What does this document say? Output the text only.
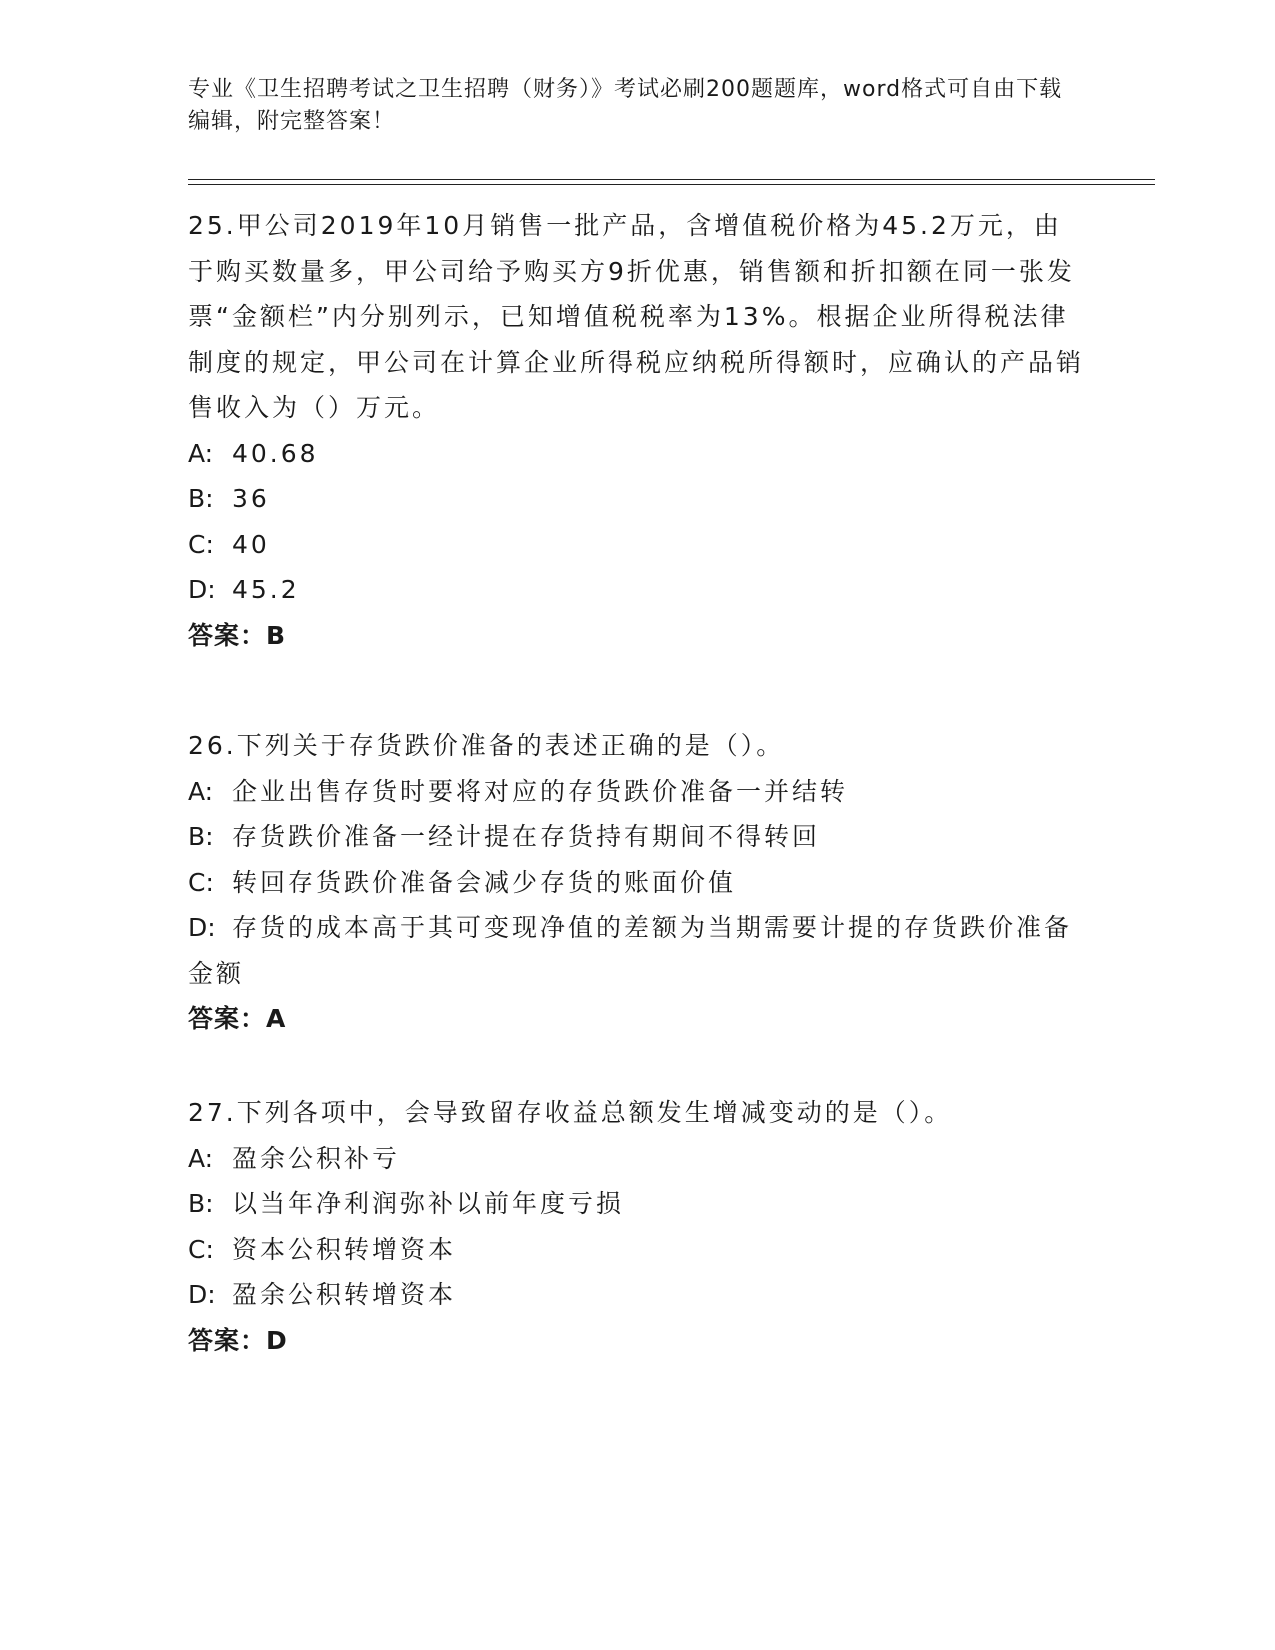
专业《卫生招聘考试之卫生招聘（财务）》考试必刷200题题库，word格式可自由下载编辑，附完整答案！

25.甲公司2019年10月销售一批产品，含增值税价格为45.2万元，由于购买数量多，甲公司给予购买方9折优惠，销售额和折扣额在同一张发票“金额栏”内分别列示，已知增值税税率为13%。根据企业所得税法律制度的规定，甲公司在计算企业所得税应纳税所得额时，应确认的产品销售收入为（）万元。

A: 40.68

B: 36

C: 40

D: 45.2

答案：B

26.下列关于存货跌价准备的表述正确的是（）。

A: 企业出售存货时要将对应的存货跌价准备一并结转

B: 存货跌价准备一经计提在存货持有期间不得转回

C: 转回存货跌价准备会减少存货的账面价值

D: 存货的成本高于其可变现净值的差额为当期需要计提的存货跌价准备金额

答案：A

27.下列各项中，会导致留存收益总额发生增减变动的是（）。

A: 盈余公积补亏

B: 以当年净利润弥补以前年度亏损

C: 资本公积转增资本

D: 盈余公积转增资本

答案：D
